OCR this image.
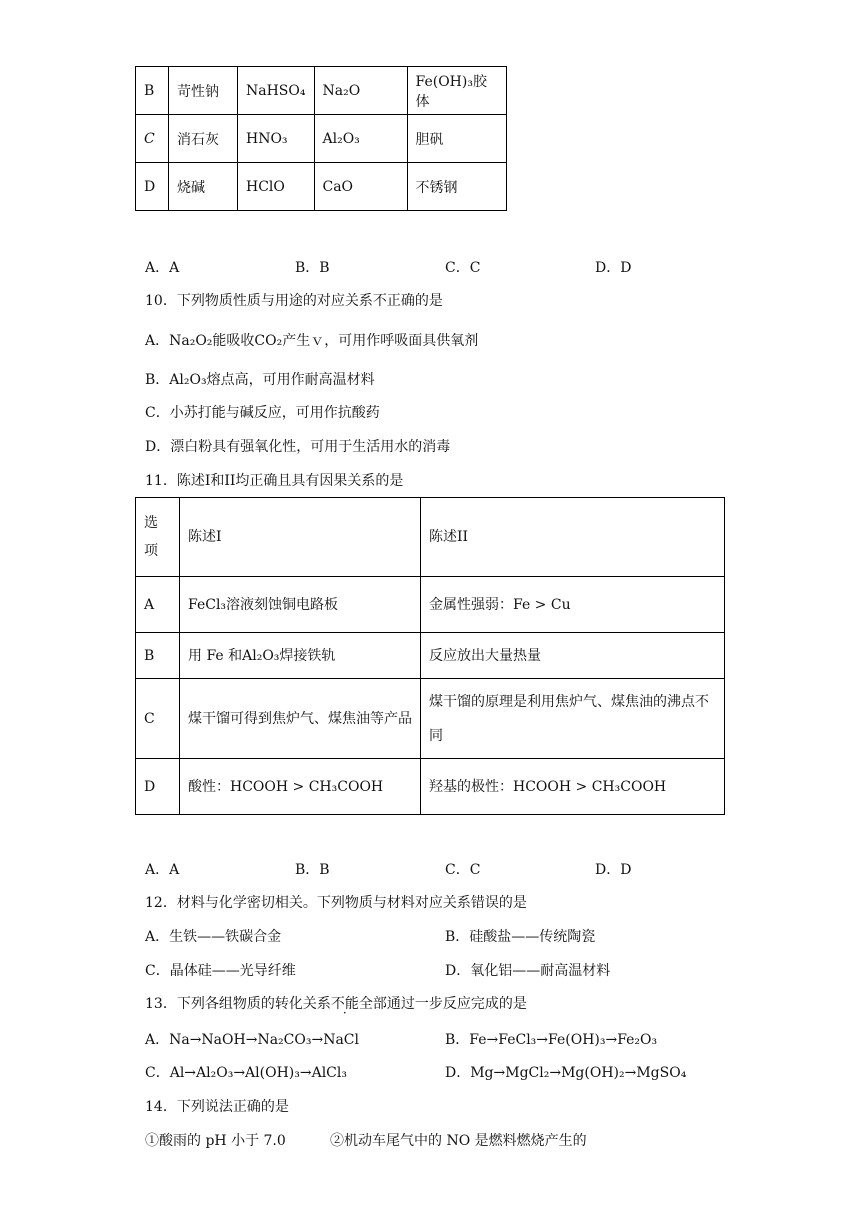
B	苛性钠	NaHSO₄	Na₂O	Fe(OH)₃胶体
C	消石灰	HNO₃	Al₂O₃	胆矾
D	烧碱	HClO	CaO	不锈钢
A．A	B．B	C．C	D．D
10．下列物质性质与用途的对应关系不正确的是
A．Na₂O₂能吸收CO₂产生ｖ，可用作呼吸面具供氧剂
B．Al₂O₃熔点高，可用作耐高温材料
C．小苏打能与碱反应，可用作抗酸药
D．漂白粉具有强氧化性，可用于生活用水的消毒
11．陈述I和II均正确且具有因果关系的是
选项	陈述I	陈述II
A	FeCl₃溶液刻蚀铜电路板	金属性强弱：Fe > Cu
B	用 Fe 和Al₂O₃焊接铁轨	反应放出大量热量
C	煤干馏可得到焦炉气、煤焦油等产品	煤干馏的原理是利用焦炉气、煤焦油的沸点不同
D	酸性：HCOOH > CH₃COOH	羟基的极性：HCOOH > CH₃COOH
A．A	B．B	C．C	D．D
12．材料与化学密切相关。下列物质与材料对应关系错误的是
A．生铁——铁碳合金	B．硅酸盐——传统陶瓷
C．晶体硅——光导纤维	D．氧化铝——耐高温材料
13．下列各组物质的转化关系不能全部通过一步反应完成的是
A．Na→NaOH→Na₂CO₃→NaCl	B．Fe→FeCl₃→Fe(OH)₃→Fe₂O₃
C．Al→Al₂O₃→Al(OH)₃→AlCl₃	D．Mg→MgCl₂→Mg(OH)₂→MgSO₄
14．下列说法正确的是
①酸雨的 pH 小于 7.0	②机动车尾气中的 NO 是燃料燃烧产生的
